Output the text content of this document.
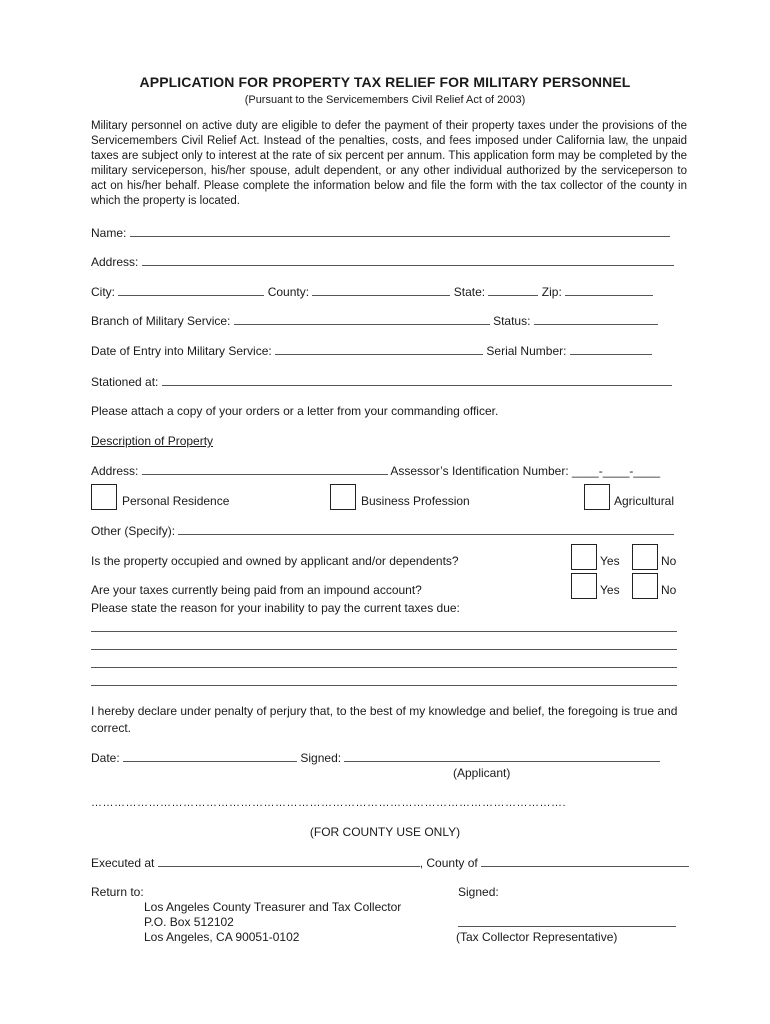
APPLICATION FOR PROPERTY TAX RELIEF FOR MILITARY PERSONNEL
(Pursuant to the Servicemembers Civil Relief Act of 2003)
Military personnel on active duty are eligible to defer the payment of their property taxes under the provisions of the Servicemembers Civil Relief Act. Instead of the penalties, costs, and fees imposed under California law, the unpaid taxes are subject only to interest at the rate of six percent per annum. This application form may be completed by the military serviceperson, his/her spouse, adult dependent, or any other individual authorized by the serviceperson to act on his/her behalf. Please complete the information below and file the form with the tax collector of the county in which the property is located.
Name:
Address:
City:	County:	State:	Zip:
Branch of Military Service:	Status:
Date of Entry into Military Service:	Serial Number:
Stationed at:
Please attach a copy of your orders or a letter from your commanding officer.
Description of Property
Address:	Assessor’s Identification Number: ____-____-____
Personal Residence	Business Profession	Agricultural
Other (Specify):
Is the property occupied and owned by applicant and/or dependents?	Yes	No
Are your taxes currently being paid from an impound account?	Yes	No
Please state the reason for your inability to pay the current taxes due:
I hereby declare under penalty of perjury that, to the best of my knowledge and belief, the foregoing is true and correct.
Date:	Signed:
(Applicant)
…………………………………………………………………………………………………………….
(FOR COUNTY USE ONLY)
Executed at	, County of
Return to:
Los Angeles County Treasurer and Tax Collector
P.O. Box 512102
Los Angeles, CA 90051-0102
Signed:
(Tax Collector Representative)
